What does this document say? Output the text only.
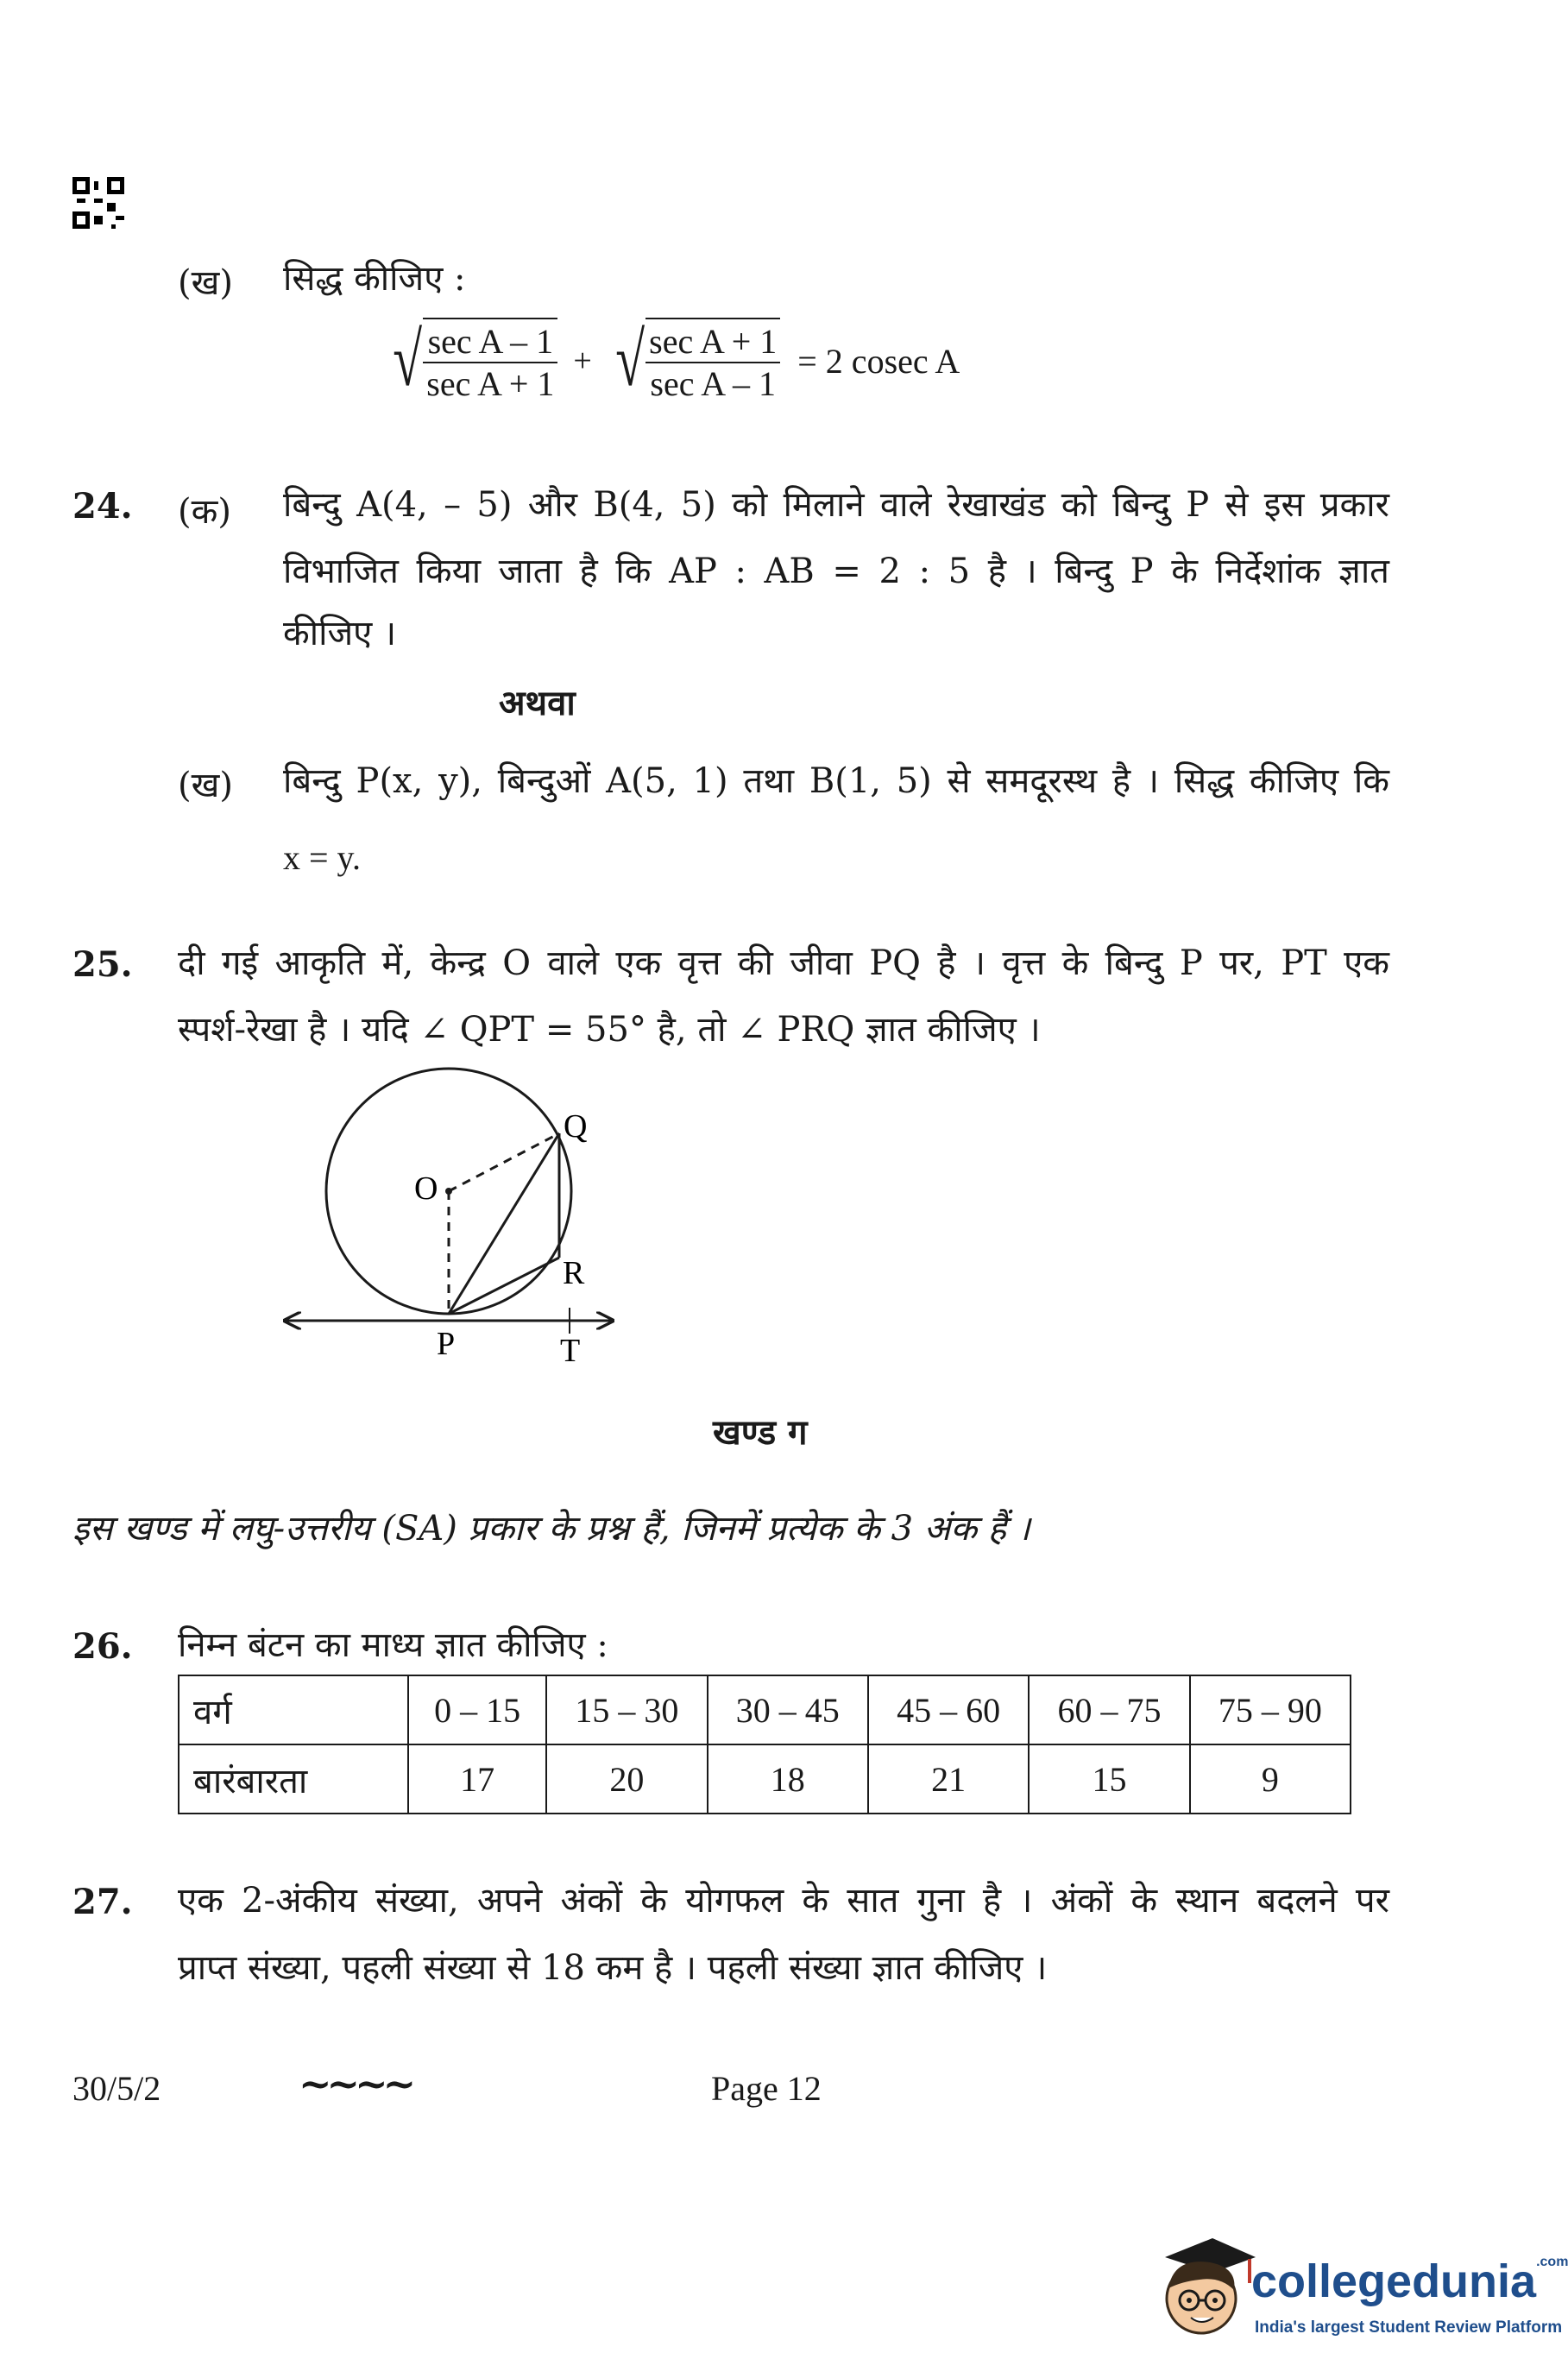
(ख) सिद्ध कीजिए :
√ $\frac{\text{sec A – 1}}{\text{sec A + 1}}$ + √ $\frac{\text{sec A + 1}}{\text{sec A – 1}} = 2$ cosec A
24. (क) बिन्दु A(4, – 5) और B(4, 5) को मिलाने वाले रेखाखंड को बिन्दु P से इस प्रकार
विभाजित किया जाता है कि AP : AB = 2 : 5 है । बिन्दु P के निर्देशांक ज्ञात
कीजिए ।
अथवा
(ख) बिन्दु P(x, y), बिन्दुओं A(5, 1) तथा B(1, 5) से समदूरस्थ है । सिद्ध कीजिए कि
x = y.
25. दी गई आकृति में, केन्द्र O वाले एक वृत्त की जीवा PQ है । वृत्त के बिन्दु P पर, PT एक
स्पर्श-रेखा है । यदि ∠ QPT = 55° है, तो ∠ PRQ ज्ञात कीजिए ।
O
Q
R
P	T
खण्ड ग
इस खण्ड में लघु-उत्तरीय (SA) प्रकार के प्रश्न हैं, जिनमें प्रत्येक के 3 अंक हैं ।
26. निम्न बंटन का माध्य ज्ञात कीजिए :
वर्ग	0 – 15	15 – 30	30 – 45	45 – 60	60 – 75	75 – 90
बारंबारता	17	20	18	21	15	9
27. एक 2-अंकीय संख्या, अपने अंकों के योगफल के सात गुना है । अंकों के स्थान बदलने पर
प्राप्त संख्या, पहली संख्या से 18 कम है । पहली संख्या ज्ञात कीजिए ।
30/5/2	~~~~	Page 12
collegedunia$^{.com}$
India's largest Student Review Platform
